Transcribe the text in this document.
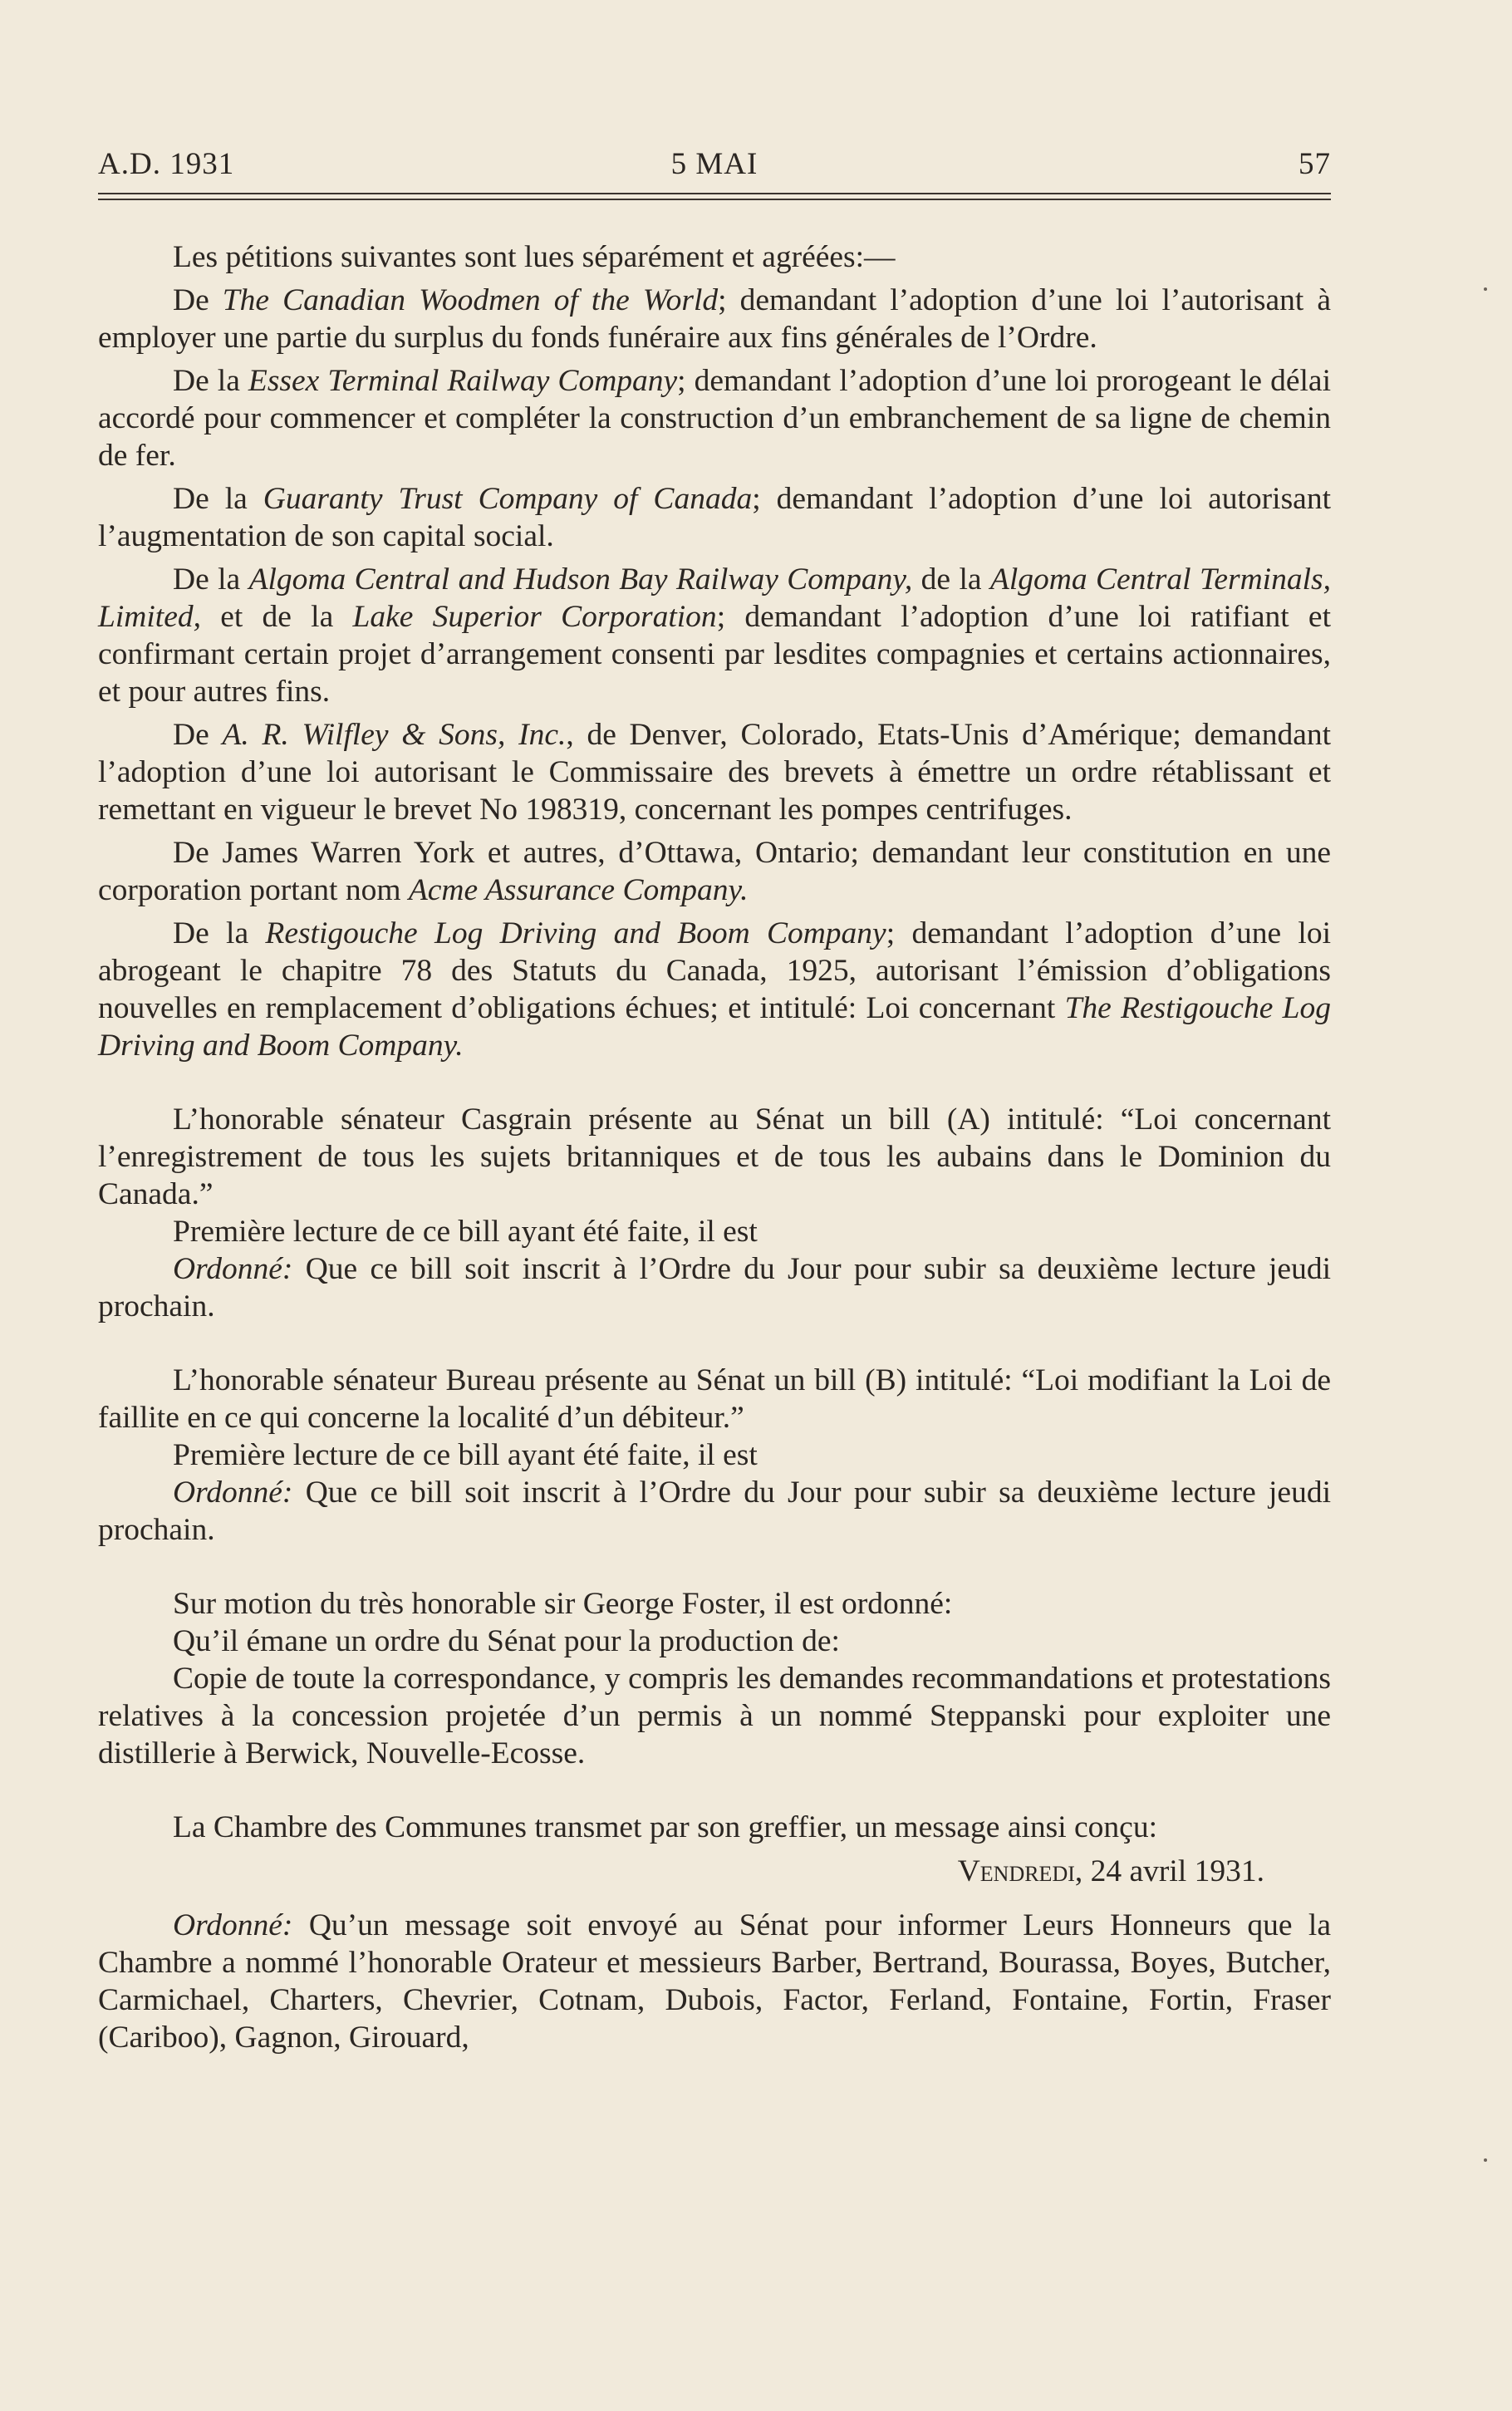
A.D. 1931	5 MAI	57

Les pétitions suivantes sont lues séparément et agréées:—

De The Canadian Woodmen of the World; demandant l’adoption d’une loi l’autorisant à employer une partie du surplus du fonds funéraire aux fins générales de l’Ordre.

De la Essex Terminal Railway Company; demandant l’adoption d’une loi prorogeant le délai accordé pour commencer et compléter la construction d’un embranchement de sa ligne de chemin de fer.

De la Guaranty Trust Company of Canada; demandant l’adoption d’une loi autorisant l’augmentation de son capital social.

De la Algoma Central and Hudson Bay Railway Company, de la Algoma Central Terminals, Limited, et de la Lake Superior Corporation; demandant l’adoption d’une loi ratifiant et confirmant certain projet d’arrangement consenti par lesdites compagnies et certains actionnaires, et pour autres fins.

De A. R. Wilfley & Sons, Inc., de Denver, Colorado, Etats-Unis d’Amérique; demandant l’adoption d’une loi autorisant le Commissaire des brevets à émettre un ordre rétablissant et remettant en vigueur le brevet No 198319, concernant les pompes centrifuges.

De James Warren York et autres, d’Ottawa, Ontario; demandant leur constitution en une corporation portant nom Acme Assurance Company.

De la Restigouche Log Driving and Boom Company; demandant l’adoption d’une loi abrogeant le chapitre 78 des Statuts du Canada, 1925, autorisant l’émission d’obligations nouvelles en remplacement d’obligations échues; et intitulé: Loi concernant The Restigouche Log Driving and Boom Company.

L’honorable sénateur Casgrain présente au Sénat un bill (A) intitulé: “Loi concernant l’enregistrement de tous les sujets britanniques et de tous les aubains dans le Dominion du Canada.”

Première lecture de ce bill ayant été faite, il est

Ordonné: Que ce bill soit inscrit à l’Ordre du Jour pour subir sa deuxième lecture jeudi prochain.

L’honorable sénateur Bureau présente au Sénat un bill (B) intitulé: “Loi modifiant la Loi de faillite en ce qui concerne la localité d’un débiteur.”

Première lecture de ce bill ayant été faite, il est

Ordonné: Que ce bill soit inscrit à l’Ordre du Jour pour subir sa deuxième lecture jeudi prochain.

Sur motion du très honorable sir George Foster, il est ordonné:

Qu’il émane un ordre du Sénat pour la production de:

Copie de toute la correspondance, y compris les demandes recommandations et protestations relatives à la concession projetée d’un permis à un nommé Steppanski pour exploiter une distillerie à Berwick, Nouvelle-Ecosse.

La Chambre des Communes transmet par son greffier, un message ainsi conçu:

Vendredi, 24 avril 1931.

Ordonné: Qu’un message soit envoyé au Sénat pour informer Leurs Honneurs que la Chambre a nommé l’honorable Orateur et messieurs Barber, Bertrand, Bourassa, Boyes, Butcher, Carmichael, Charters, Chevrier, Cotnam, Dubois, Factor, Ferland, Fontaine, Fortin, Fraser (Cariboo), Gagnon, Girouard,
